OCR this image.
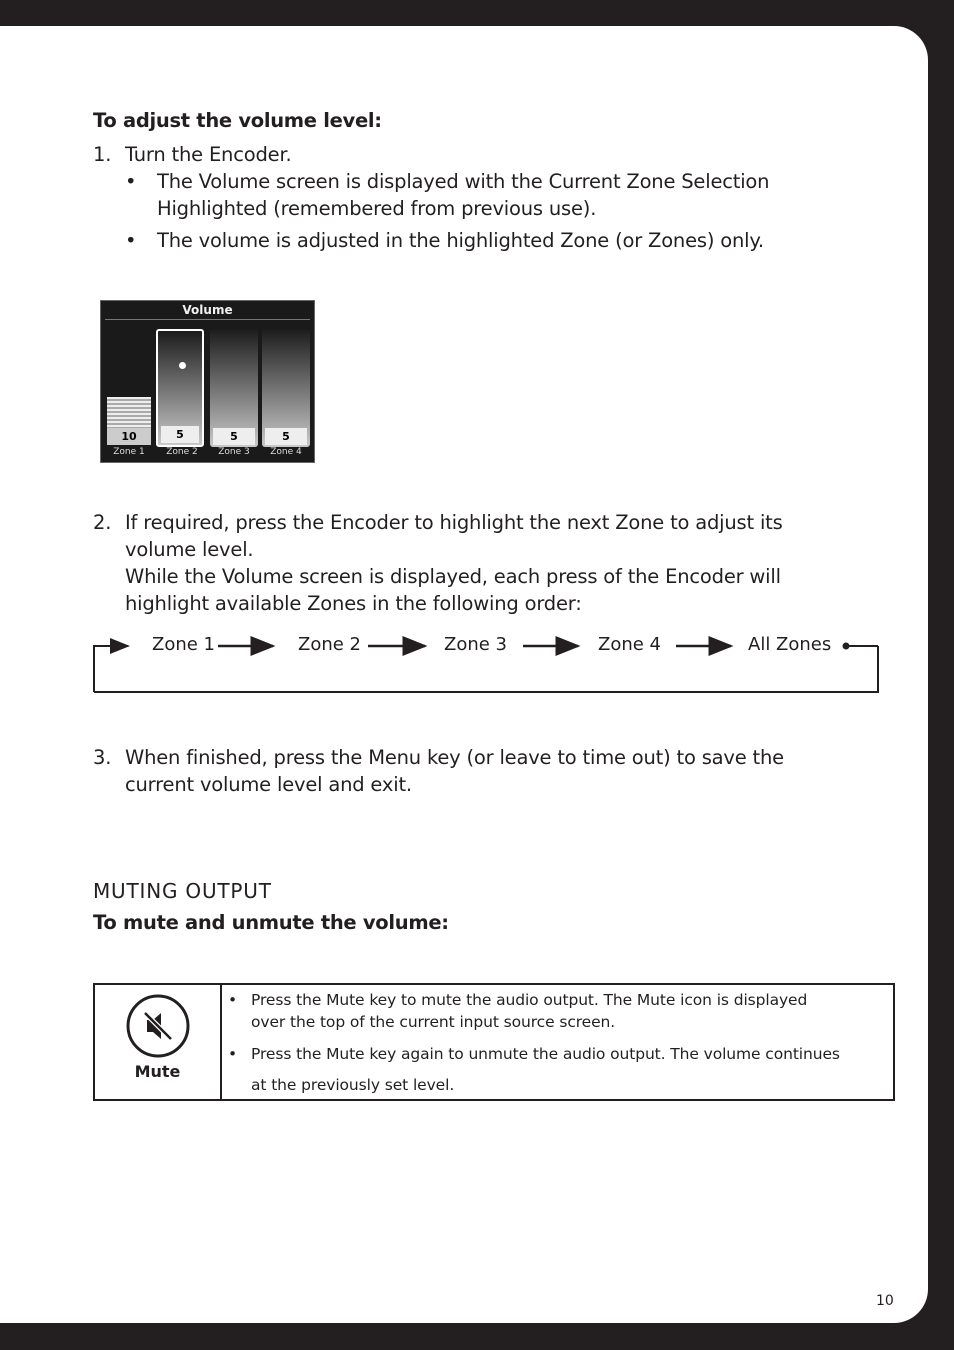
To adjust the volume level:
1. Turn the Encoder.
• The Volume screen is displayed with the Current Zone Selection
Highlighted (remembered from previous use).
• The volume is adjusted in the highlighted Zone (or Zones) only.
Volume
10	5	5	5
Zone 1	Zone 2	Zone 3	Zone 4
2. If required, press the Encoder to highlight the next Zone to adjust its
volume level.
While the Volume screen is displayed, each press of the Encoder will
highlight available Zones in the following order:
Zone 1	Zone 2	Zone 3	Zone 4	All Zones
3. When finished, press the Menu key (or leave to time out) to save the
current volume level and exit.
MUTING OUTPUT
To mute and unmute the volume:
Mute
• Press the Mute key to mute the audio output. The Mute icon is displayed
over the top of the current input source screen.
• Press the Mute key again to unmute the audio output. The volume continues
at the previously set level.
10
